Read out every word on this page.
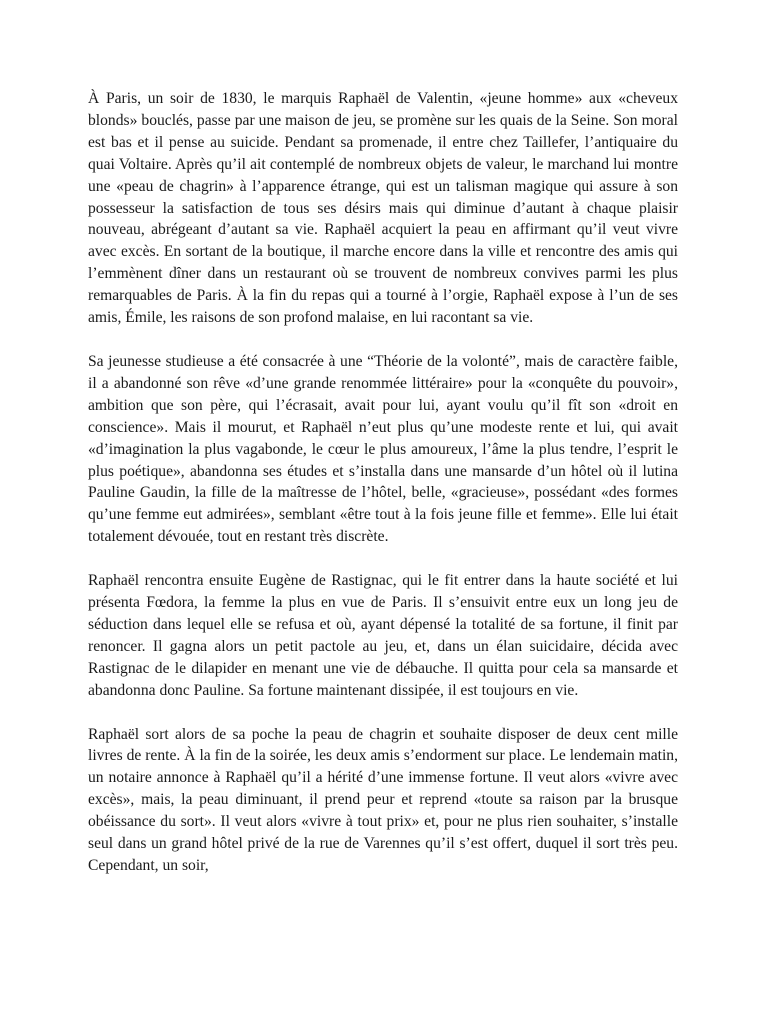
À Paris, un soir de 1830, le marquis Raphaël de Valentin, «jeune homme» aux «cheveux blonds» bouclés, passe par une maison de jeu, se promène sur les quais de la Seine. Son moral est bas et il pense au suicide. Pendant sa promenade, il entre chez Taillefer, l’antiquaire du quai Voltaire. Après qu’il ait contemplé de nombreux objets de valeur, le marchand lui montre une «peau de chagrin» à l’apparence étrange, qui est un talisman magique qui assure à son possesseur la satisfaction de tous ses désirs mais qui diminue d’autant à chaque plaisir nouveau, abrégeant d’autant sa vie. Raphaël acquiert la peau en affirmant qu’il veut vivre avec excès. En sortant de la boutique, il marche encore dans la ville et rencontre des amis qui l’emmènent dîner dans un restaurant où se trouvent de nombreux convives parmi les plus remarquables de Paris. À la fin du repas qui a tourné à l’orgie, Raphaël expose à l’un de ses amis, Émile, les raisons de son profond malaise, en lui racontant sa vie.

Sa jeunesse studieuse a été consacrée à une “Théorie de la volonté”, mais de caractère faible, il a abandonné son rêve «d’une grande renommée littéraire» pour la «conquête du pouvoir», ambition que son père, qui l’écrasait, avait pour lui, ayant voulu qu’il fît son «droit en conscience». Mais il mourut, et Raphaël n’eut plus qu’une modeste rente et lui, qui avait «d’imagination la plus vagabonde, le cœur le plus amoureux, l’âme la plus tendre, l’esprit le plus poétique», abandonna ses études et s’installa dans une mansarde d’un hôtel où il lutina Pauline Gaudin, la fille de la maîtresse de l’hôtel, belle, «gracieuse», possédant «des formes qu’une femme eut admirées», semblant «être tout à la fois jeune fille et femme». Elle lui était totalement dévouée, tout en restant très discrète.

Raphaël rencontra ensuite Eugène de Rastignac, qui le fit entrer dans la haute société et lui présenta Fœdora, la femme la plus en vue de Paris. Il s’ensuivit entre eux un long jeu de séduction dans lequel elle se refusa et où, ayant dépensé la totalité de sa fortune, il finit par renoncer. Il gagna alors un petit pactole au jeu, et, dans un élan suicidaire, décida avec Rastignac de le dilapider en menant une vie de débauche. Il quitta pour cela sa mansarde et abandonna donc Pauline. Sa fortune maintenant dissipée, il est toujours en vie.

Raphaël sort alors de sa poche la peau de chagrin et souhaite disposer de deux cent mille livres de rente. À la fin de la soirée, les deux amis s’endorment sur place. Le lendemain matin, un notaire annonce à Raphaël qu’il a hérité d’une immense fortune. Il veut alors «vivre avec excès», mais, la peau diminuant, il prend peur et reprend «toute sa raison par la brusque obéissance du sort». Il veut alors «vivre à tout prix» et, pour ne plus rien souhaiter, s’installe seul dans un grand hôtel privé de la rue de Varennes qu’il s’est offert, duquel il sort très peu. Cependant, un soir,
